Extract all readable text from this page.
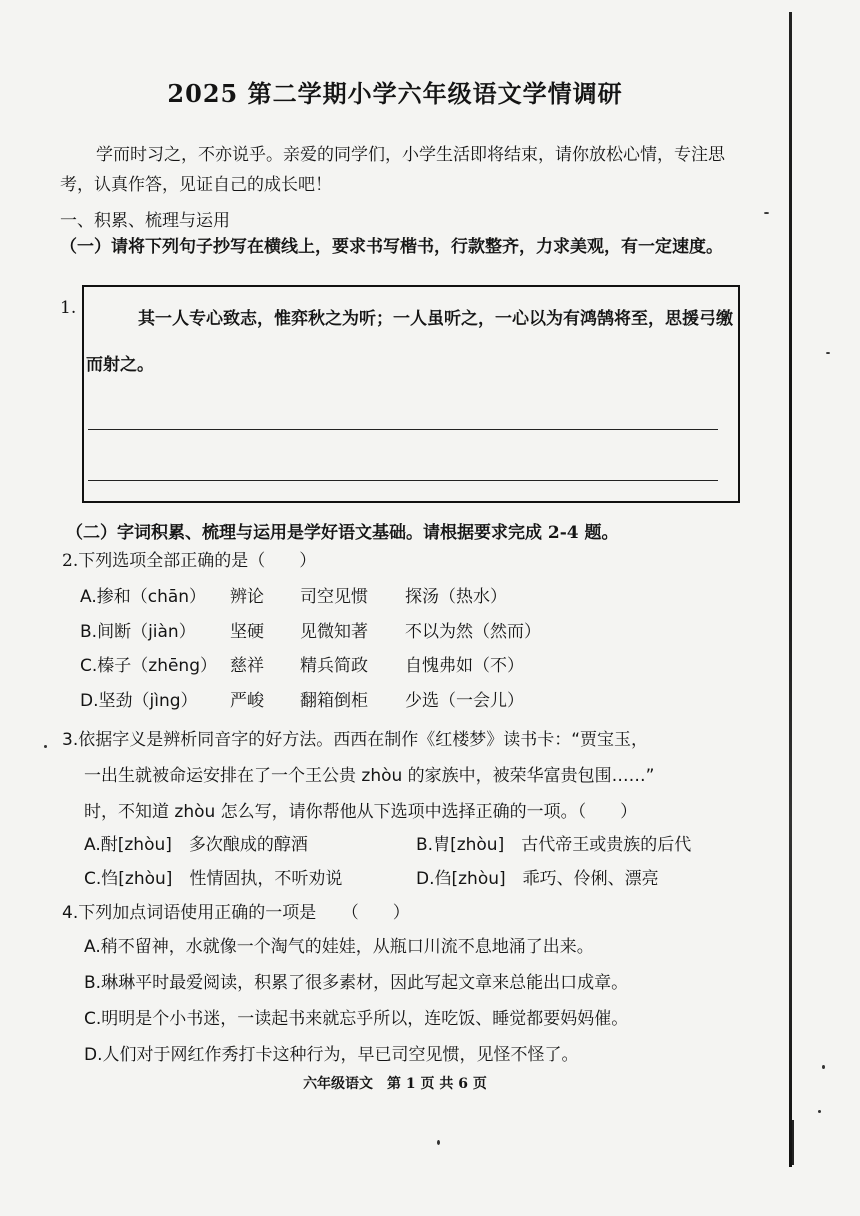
2025 第二学期小学六年级语文学情调研
学而时习之，不亦说乎。亲爱的同学们，小学生活即将结束，请你放松心情，专注思考，认真作答，见证自己的成长吧！
一、积累、梳理与运用
（一）请将下列句子抄写在横线上，要求书写楷书，行款整齐，力求美观，有一定速度。
1.
其一人专心致志，惟弈秋之为听；一人虽听之，一心以为有鸿鹄将至，思援弓缴而射之。
（二）字词积累、梳理与运用是学好语文基础。请根据要求完成 2-4 题。
2.下列选项全部正确的是（　　）
A.掺和（chān） 辨论 司空见惯 探汤（热水）
B.间断（jiàn） 坚硬 见微知著 不以为然（然而）
C.榛子（zhēng） 慈祥 精兵简政 自愧弗如（不）
D.坚劲（jìng） 严峻 翻箱倒柜 少选（一会儿）
3.依据字义是辨析同音字的好方法。西西在制作《红楼梦》读书卡：“贾宝玉，
一出生就被命运安排在了一个王公贵 zhòu 的家族中，被荣华富贵包围……”
时，不知道 zhòu 怎么写，请你帮他从下选项中选择正确的一项。（　　）
A.酎[zhòu]　多次酿成的醇酒	B.胄[zhòu]　古代帝王或贵族的后代
C.㤘[zhòu]　性情固执，不听劝说	D.㑇[zhòu]　乖巧、伶俐、漂亮
4.下列加点词语使用正确的一项是　　（　　）
A.稍不留神，水就像一个淘气的娃娃，从瓶口川流不息地涌了出来。
B.琳琳平时最爱阅读，积累了很多素材，因此写起文章来总能出口成章。
C.明明是个小书迷，一读起书来就忘乎所以，连吃饭、睡觉都要妈妈催。
D.人们对于网红作秀打卡这种行为，早已司空见惯，见怪不怪了。
六年级语文　第 1 页 共 6 页
